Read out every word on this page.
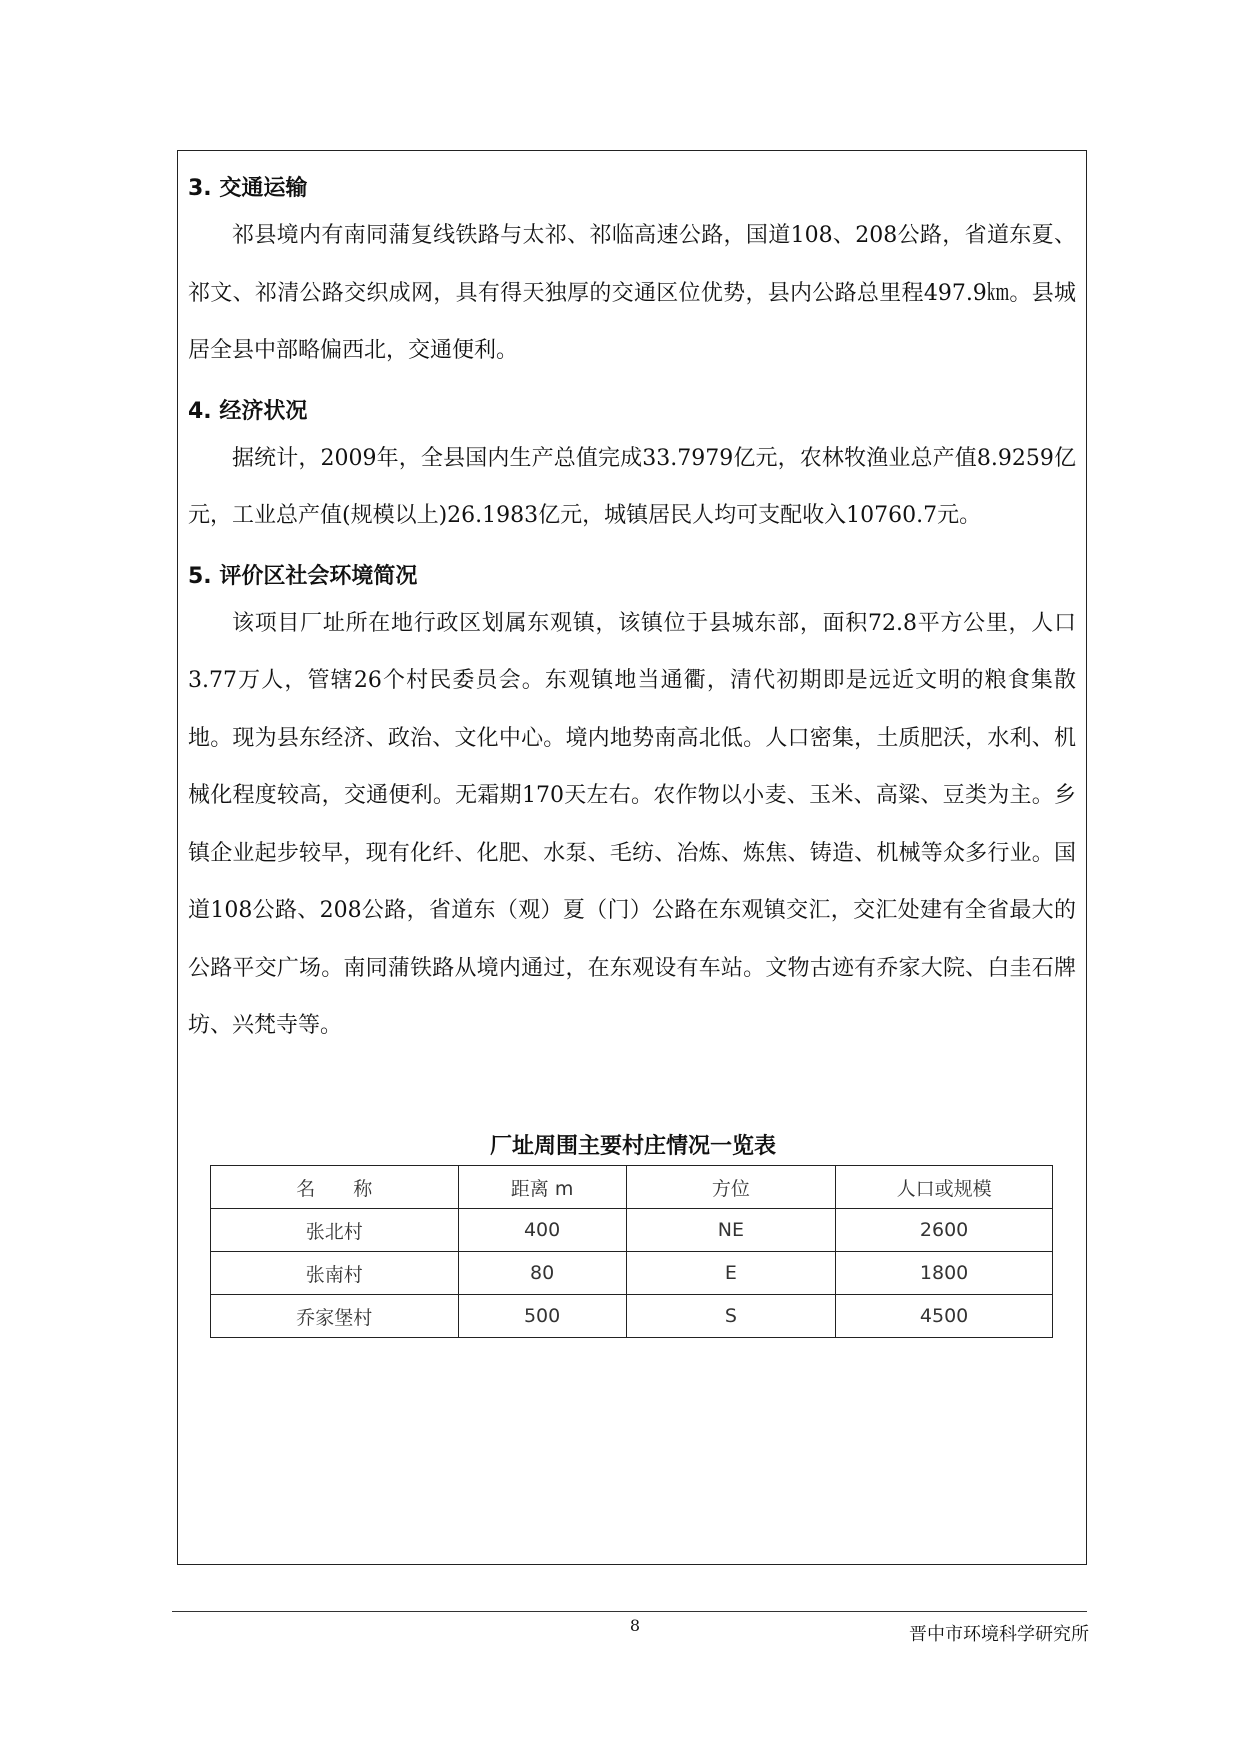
3. 交通运输

祁县境内有南同蒲复线铁路与太祁、祁临高速公路，国道108、208公路，省道东夏、祁文、祁清公路交织成网，具有得天独厚的交通区位优势，县内公路总里程497.9㎞。县城居全县中部略偏西北，交通便利。

4. 经济状况

据统计，2009年，全县国内生产总值完成33.7979亿元，农林牧渔业总产值8.9259亿元，工业总产值(规模以上)26.1983亿元，城镇居民人均可支配收入10760.7元。

5. 评价区社会环境简况

该项目厂址所在地行政区划属东观镇，该镇位于县城东部，面积72.8平方公里，人口3.77万人，管辖26个村民委员会。东观镇地当通衢，清代初期即是远近文明的粮食集散地。现为县东经济、政治、文化中心。境内地势南高北低。人口密集，土质肥沃，水利、机械化程度较高，交通便利。无霜期170天左右。农作物以小麦、玉米、高粱、豆类为主。乡镇企业起步较早，现有化纤、化肥、水泵、毛纺、冶炼、炼焦、铸造、机械等众多行业。国道108公路、208公路，省道东（观）夏（门）公路在东观镇交汇，交汇处建有全省最大的公路平交广场。南同蒲铁路从境内通过，在东观设有车站。文物古迹有乔家大院、白圭石牌坊、兴梵寺等。

厂址周围主要村庄情况一览表
名　　称	距离 m	方位	人口或规模
张北村	400	NE	2600
张南村	80	E	1800
乔家堡村	500	S	4500
8	晋中市环境科学研究所
